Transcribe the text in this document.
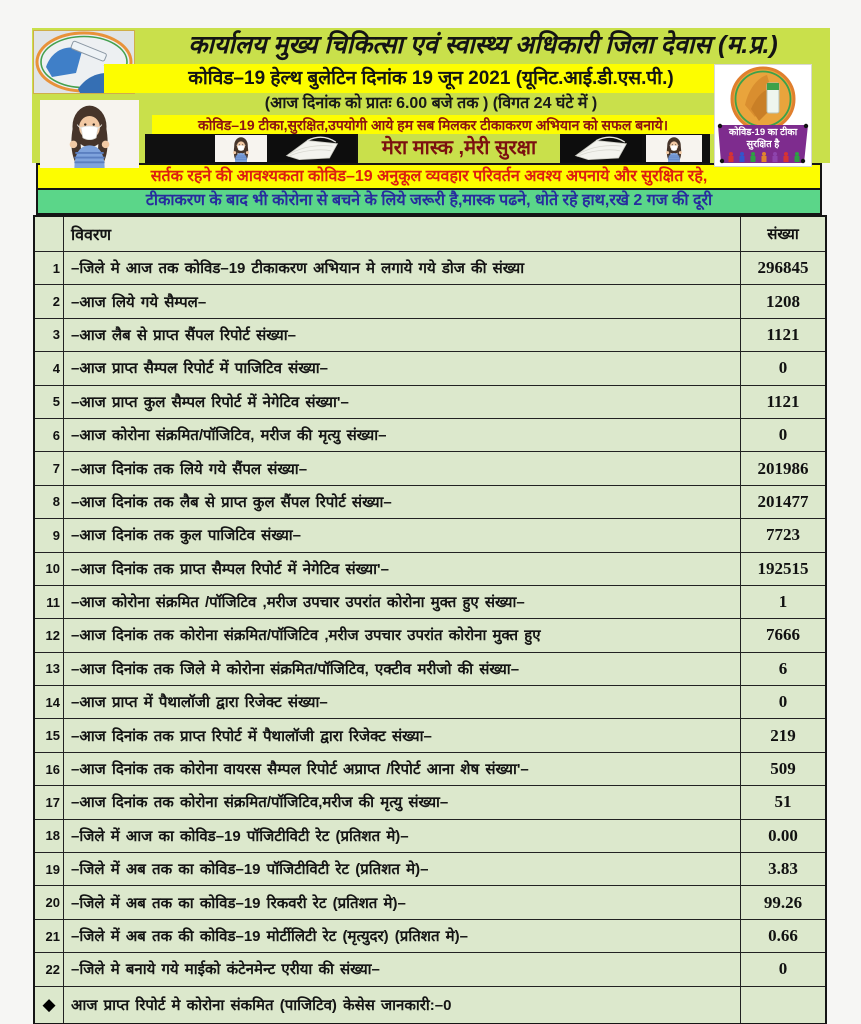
कार्यालय मुख्य चिकित्सा एवं स्वास्थ्य अधिकारी जिला देवास (म.प्र.)
कोविड–19 हेल्थ बुलेटिन दिनांक 19 जून 2021 (यूनिट.आई.डी.एस.पी.)
(आज दिनांक को प्रातः 6.00 बजे तक ) (विगत 24 घंटे में )
कोविड–19 टीका,सुरक्षित,उपयोगी आये हम सब मिलकर टीकाकरण अभियान को सफल बनाये।
मेरा मास्क ,मेरी सुरक्षा
कोविड-19 का टीका सुरक्षित है
सर्तक रहने की आवश्यकता कोविड–19 अनुकूल व्यवहार परिवर्तन अवश्य अपनाये और सुरक्षित रहे,
टीकाकरण के बाद भी कोरोना से बचने के लिये जरूरी है,मास्क पढने, धोते रहे हाथ,रखे 2 गज की दूरी
विवरण	संख्या
1 –जिले मे आज तक कोविड–19 टीकाकरण अभियान मे लगाये गये डोज की संख्या	296845
2 –आज लिये गये सैम्पल–	1208
3 –आज लैब से प्राप्त सैंपल रिपोर्ट संख्या–	1121
4 –आज प्राप्त सैम्पल रिपोर्ट में पाजिटिव संख्या–	0
5 –आज प्राप्त कुल सैम्पल रिपोर्ट में नेगेटिव संख्या'–	1121
6 –आज कोरोना संक्रमित/पॉजिटिव, मरीज की मृत्यु संख्या–	0
7 –आज दिनांक तक लिये गये सैंपल संख्या–	201986
8 –आज दिनांक तक लैब से प्राप्त कुल सैंपल रिपोर्ट संख्या–	201477
9 –आज दिनांक तक कुल पाजिटिव संख्या–	7723
10 –आज दिनांक तक प्राप्त सैम्पल रिपोर्ट में नेगेटिव संख्या'–	192515
11 –आज कोरोना संक्रमित /पॉजिटिव ,मरीज उपचार उपरांत कोरोना मुक्त हुए संख्या–	1
12 –आज दिनांक तक कोरोना संक्रमित/पॉजिटिव ,मरीज उपचार उपरांत कोरोना मुक्त हुए	7666
13 –आज दिनांक तक जिले मे कोरोना संक्रमित/पॉजिटिव, एक्टीव मरीजो की संख्या–	6
14 –आज प्राप्त में पैथालॉजी द्वारा रिजेक्ट संख्या–	0
15 –आज दिनांक तक प्राप्त रिपोर्ट में पैथालॉजी द्वारा रिजेक्ट संख्या–	219
16 –आज दिनांक तक कोरोना वायरस सैम्पल रिपोर्ट अप्राप्त /रिपोर्ट आना शेष संख्या'–	509
17 –आज दिनांक तक कोरोना संक्रमित/पॉजिटिव,मरीज की मृत्यु संख्या–	51
18 –जिले में आज का कोविड–19 पॉजिटीविटी रेट (प्रतिशत मे)–	0.00
19 –जिले में अब तक का कोविड–19 पॉजिटीविटी रेट (प्रतिशत मे)–	3.83
20 –जिले में अब तक का कोविड–19 रिकवरी रेट (प्रतिशत मे)–	99.26
21 –जिले में अब तक की कोविड–19 मोर्टीलिटी रेट (मृत्युदर) (प्रतिशत मे)–	0.66
22 –जिले मे बनाये गये माईको कंटेनमेन्ट एरीया की संख्या–	0
◆	आज प्राप्त रिपोर्ट मे कोरोना संकमित (पाजिटिव) केसेस जानकारी:–0
